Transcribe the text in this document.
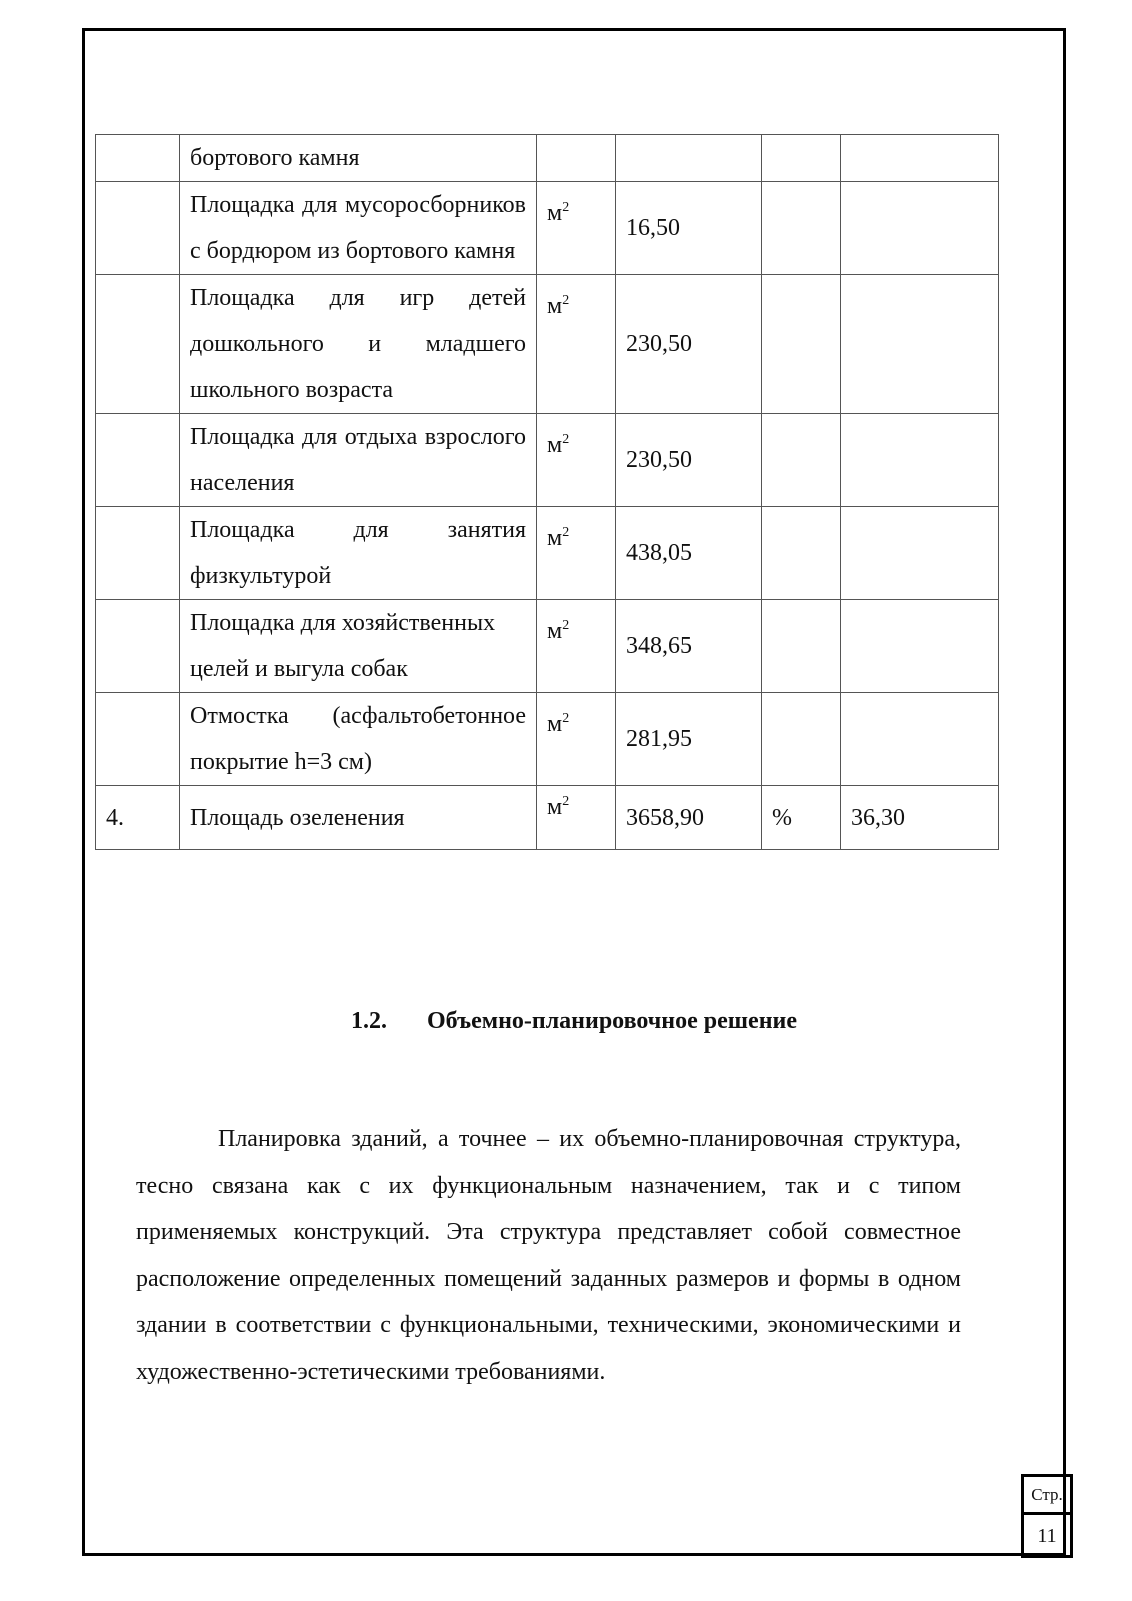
	бортового камня				
	Площадка для мусоросборников с бордюром из бортового камня	$м^2$	16,50		
	Площадка для игр детей дошкольного и младшего школьного возраста	$м^2$	230,50		
	Площадка для отдыха взрослого населения	$м^2$	230,50		
	Площадка для занятия физкультурой	$м^2$	438,05		
	Площадка для хозяйственных целей и выгула собак	$м^2$	348,65		
	Отмостка (асфальтобетонное покрытие h=3 см)	$м^2$	281,95		
4.	Площадь озеленения	$м^2$	3658,90	%	36,30
1.2. Объемно-планировочное решение

Планировка зданий, а точнее – их объемно-планировочная структура, тесно связана как с их функциональным назначением, так и с типом применяемых конструкций. Эта структура представляет собой совместное расположение определенных помещений заданных размеров и формы в одном здании в соответствии с функциональными, техническими, экономическими и художественно-эстетическими требованиями.

Стр.
11
